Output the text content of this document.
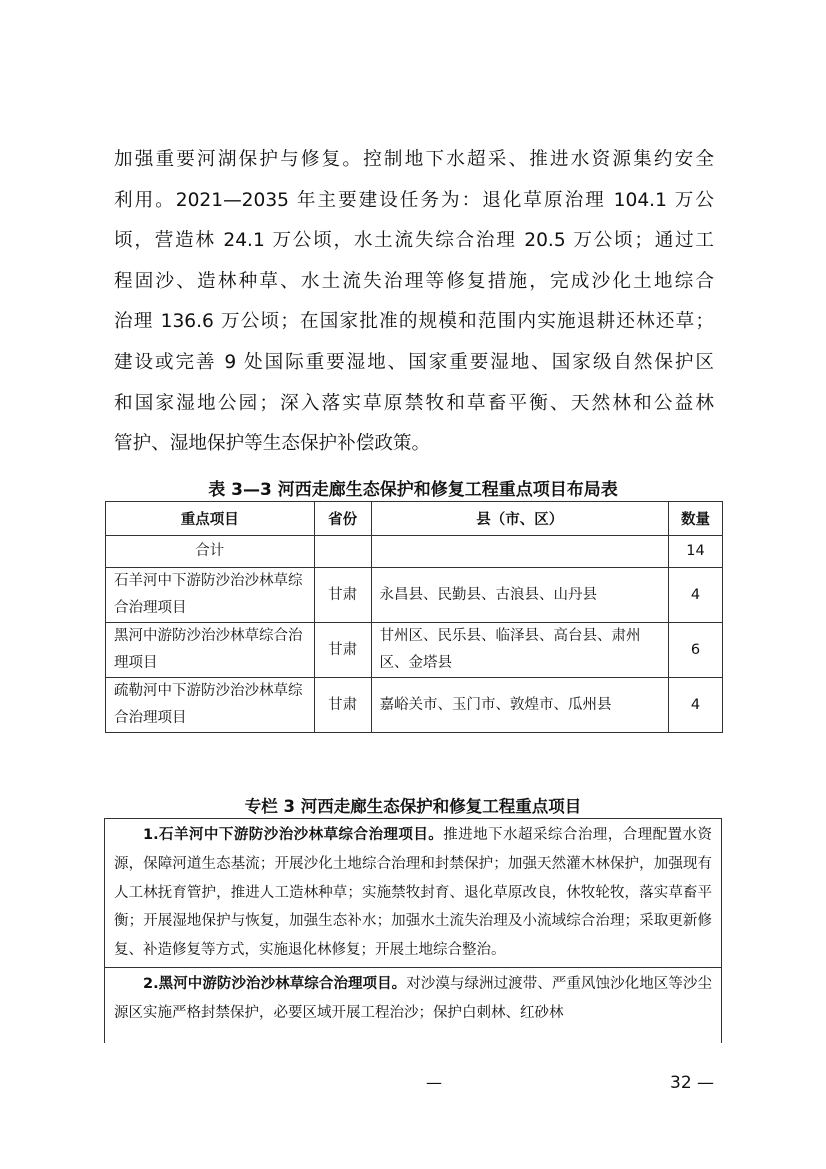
加强重要河湖保护与修复。控制地下水超采、推进水资源集约安全
利用。2021—2035 年主要建设任务为：退化草原治理 104.1 万公
顷，营造林 24.1 万公顷，水土流失综合治理 20.5 万公顷；通过工
程固沙、造林种草、水土流失治理等修复措施，完成沙化土地综合
治理 136.6 万公顷；在国家批准的规模和范围内实施退耕还林还草；
建设或完善 9 处国际重要湿地、国家重要湿地、国家级自然保护区
和国家湿地公园；深入落实草原禁牧和草畜平衡、天然林和公益林
管护、湿地保护等生态保护补偿政策。
表 3—3 河西走廊生态保护和修复工程重点项目布局表
重点项目	省份	县（市、区）	数量
合计			14
石羊河中下游防沙治沙林草综合治理项目	甘肃	永昌县、民勤县、古浪县、山丹县	4
黑河中游防沙治沙林草综合治理项目	甘肃	甘州区、民乐县、临泽县、高台县、肃州区、金塔县	6
疏勒河中下游防沙治沙林草综合治理项目	甘肃	嘉峪关市、玉门市、敦煌市、瓜州县	4
专栏 3 河西走廊生态保护和修复工程重点项目
1.石羊河中下游防沙治沙林草综合治理项目。推进地下水超采综合治理，合理配置水资源，保障河道生态基流；开展沙化土地综合治理和封禁保护；加强天然灌木林保护，加强现有人工林抚育管护，推进人工造林种草；实施禁牧封育、退化草原改良，休牧轮牧，落实草畜平衡；开展湿地保护与恢复，加强生态补水；加强水土流失治理及小流域综合治理；采取更新修复、补造修复等方式，实施退化林修复；开展土地综合整治。
2.黑河中游防沙治沙林草综合治理项目。对沙漠与绿洲过渡带、严重风蚀沙化地区等沙尘源区实施严格封禁保护，必要区域开展工程治沙；保护白刺林、红砂林
—	32 —
